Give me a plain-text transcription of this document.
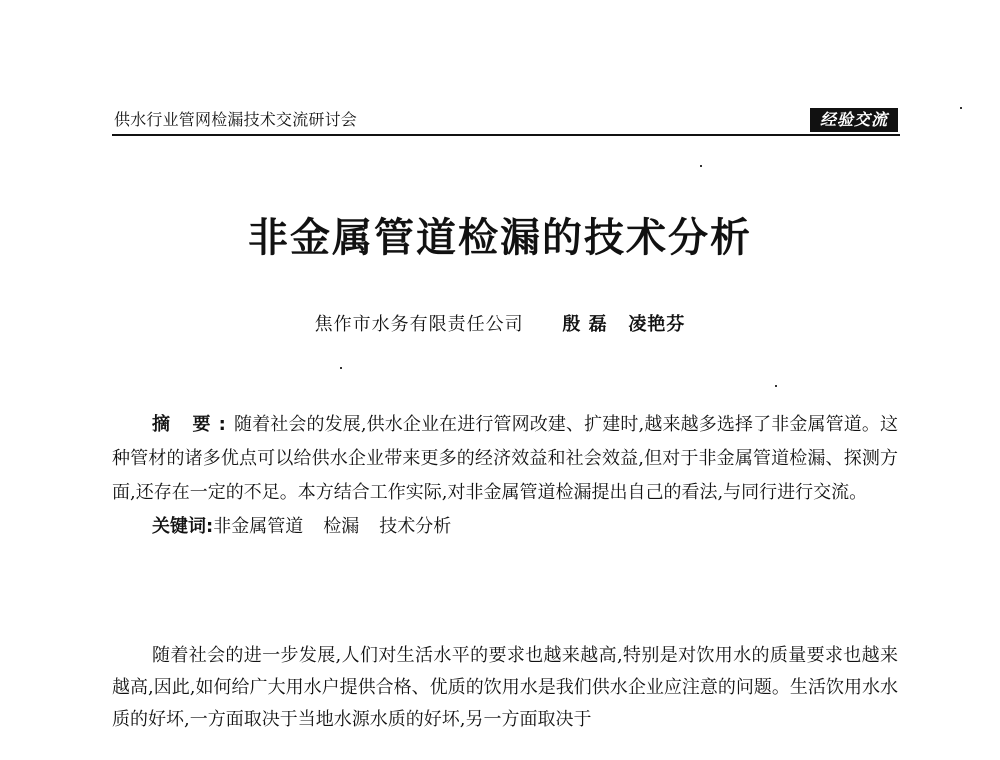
供水行业管网检漏技术交流研讨会	经验交流
非金属管道检漏的技术分析
焦作市水务有限责任公司 殷 磊 凌艳芬

摘 要:随着社会的发展,供水企业在进行管网改建、扩建时,越来越多选择了非金属管道。这种管材的诸多优点可以给供水企业带来更多的经济效益和社会效益,但对于非金属管道检漏、探测方面,还存在一定的不足。本方结合工作实际,对非金属管道检漏提出自己的看法,与同行进行交流。

关键词:非金属管道 检漏 技术分析

随着社会的进一步发展,人们对生活水平的要求也越来越高,特别是对饮用水的质量要求也越来越高,因此,如何给广大用水户提供合格、优质的饮用水是我们供水企业应注意的问题。生活饮用水水质的好坏,一方面取决于当地水源水质的好坏,另一方面取决于
